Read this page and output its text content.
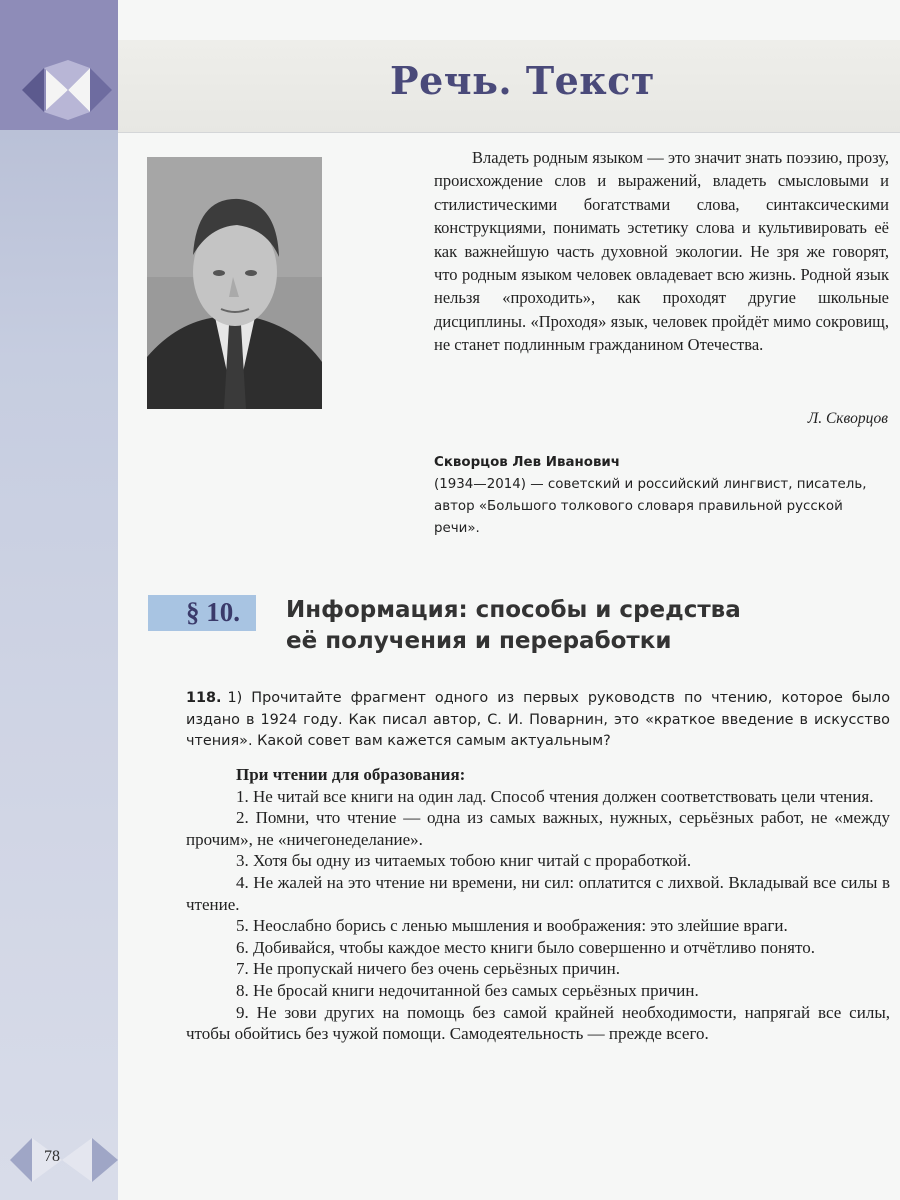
Речь. Текст

Владеть родным языком — это значит знать поэзию, прозу, происхождение слов и выражений, владеть смысловыми и стилистическими богатствами слова, синтаксическими конструкциями, понимать эстетику слова и культивировать её как важнейшую часть духовной экологии. Не зря же говорят, что родным языком человек овладевает всю жизнь. Родной язык нельзя «проходить», как проходят другие школьные дисциплины. «Проходя» язык, человек пройдёт мимо сокровищ, не станет подлинным гражданином Отечества.

Л. Скворцов
Скворцов Лев Иванович
(1934—2014) — советский и российский лингвист, писатель, автор «Большого толкового словаря правильной русской речи».

§ 10. Информация: способы и средства
её получения и переработки
118. 1) Прочитайте фрагмент одного из первых руководств по чтению, которое было издано в 1924 году. Как писал автор, С. И. Поварнин, это «краткое введение в искусство чтения». Какой совет вам кажется самым актуальным?

При чтении для образования:

1. Не читай все книги на один лад. Способ чтения должен соответствовать цели чтения.

2. Помни, что чтение — одна из самых важных, нужных, серьёзных работ, не «между прочим», не «ничегонеделание».

3. Хотя бы одну из читаемых тобою книг читай с проработкой.

4. Не жалей на это чтение ни времени, ни сил: оплатится с лихвой. Вкладывай все силы в чтение.

5. Неослабно борись с ленью мышления и воображения: это злейшие враги.

6. Добивайся, чтобы каждое место книги было совершенно и отчётливо понято.

7. Не пропускай ничего без очень серьёзных причин.

8. Не бросай книги недочитанной без самых серьёзных причин.

9. Не зови других на помощь без самой крайней необходимости, напрягай все силы, чтобы обойтись без чужой помощи. Самодеятельность — прежде всего.

78
